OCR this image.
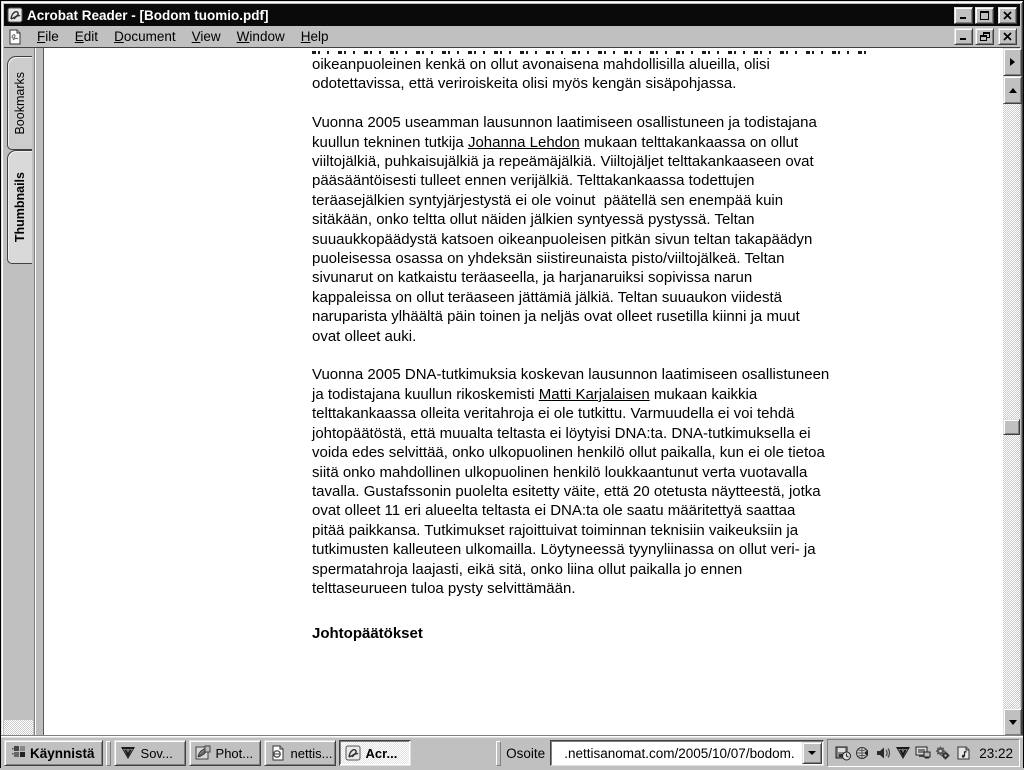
Acrobat Reader - [Bodom tuomio.pdf]
File	Edit	Document	View	Window	Help
Bookmarks
Thumbnails
oikeanpuoleinen kenkä on ollut avonaisena mahdollisilla alueilla, olisi
odotettavissa, että veriroiskeita olisi myös kengän sisäpohjassa.
Vuonna 2005 useamman lausunnon laatimiseen osallistuneen ja todistajana
kuullun tekninen tutkija Johanna Lehdon mukaan telttakankaassa on ollut
viiltojälkiä, puhkaisujälkiä ja repeämäjälkiä. Viiltojäljet telttakankaaseen ovat
pääsääntöisesti tulleet ennen verijälkiä. Telttakankaassa todettujen
teräasejälkien syntyjärjestystä ei ole voinut  päätellä sen enempää kuin
sitäkään, onko teltta ollut näiden jälkien syntyessä pystyssä. Teltan
suuaukkopäädystä katsoen oikeanpuoleisen pitkän sivun teltan takapäädyn
puoleisessa osassa on yhdeksän siistireunaista pisto/viiltojälkeä. Teltan
sivunarut on katkaistu teräaseella, ja harjanaruiksi sopivissa narun
kappaleissa on ollut teräaseen jättämiä jälkiä. Teltan suuaukon viidestä
naruparista ylhäältä päin toinen ja neljäs ovat olleet rusetilla kiinni ja muut
ovat olleet auki.
Vuonna 2005 DNA-tutkimuksia koskevan lausunnon laatimiseen osallistuneen
ja todistajana kuullun rikoskemisti Matti Karjalaisen mukaan kaikkia
telttakankaassa olleita veritahroja ei ole tutkittu. Varmuudella ei voi tehdä
johtopäätöstä, että muualta teltasta ei löytyisi DNA:ta. DNA-tutkimuksella ei
voida edes selvittää, onko ulkopuolinen henkilö ollut paikalla, kun ei ole tietoa
siitä onko mahdollinen ulkopuolinen henkilö loukkaantunut verta vuotavalla
tavalla. Gustafssonin puolelta esitetty väite, että 20 otetusta näytteestä, jotka
ovat olleet 11 eri alueelta teltasta ei DNA:ta ole saatu määritettyä saattaa
pitää paikkansa. Tutkimukset rajoittuivat toiminnan teknisiin vaikeuksiin ja
tutkimusten kalleuteen ulkomailla. Löytyneessä tyynyliinassa on ollut veri- ja
spermatahroja laajasti, eikä sitä, onko liina ollut paikalla jo ennen
telttaseurueen tuloa pysty selvittämään.
Johtopäätökset
Käynnistä	Sov...	Phot...	nettis...	Acr...	Osoite	.nettisanomat.com/2005/10/07/bodom.	23:22
